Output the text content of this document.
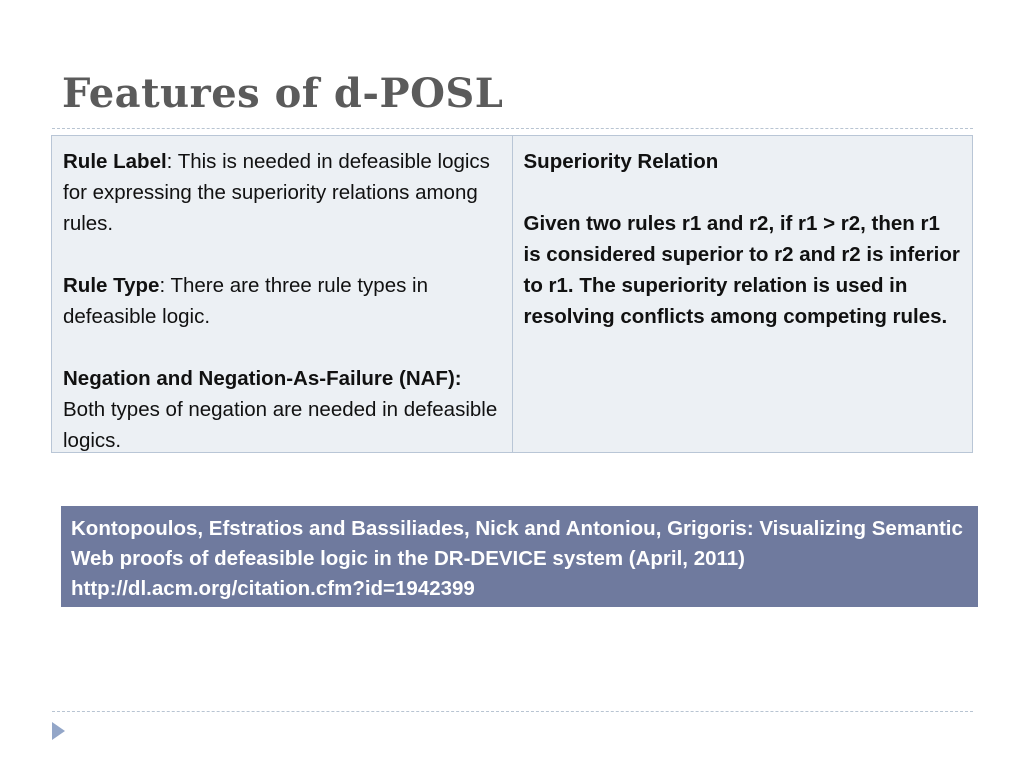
Features of d-POSL

Rule Label: This is needed in defeasible logics for expressing the superiority relations among rules.

Rule Type: There are three rule types in defeasible logic.

Negation and Negation-As-Failure (NAF): Both types of negation are needed in defeasible logics.

Superiority Relation

Given two rules r1 and r2, if r1 > r2, then r1 is considered superior to r2 and r2 is inferior to r1. The superiority relation is used in resolving conflicts among competing rules.

Kontopoulos, Efstratios and Bassiliades, Nick and Antoniou, Grigoris: Visualizing Semantic Web proofs of defeasible logic in the DR-DEVICE system (April, 2011) http://dl.acm.org/citation.cfm?id=1942399
